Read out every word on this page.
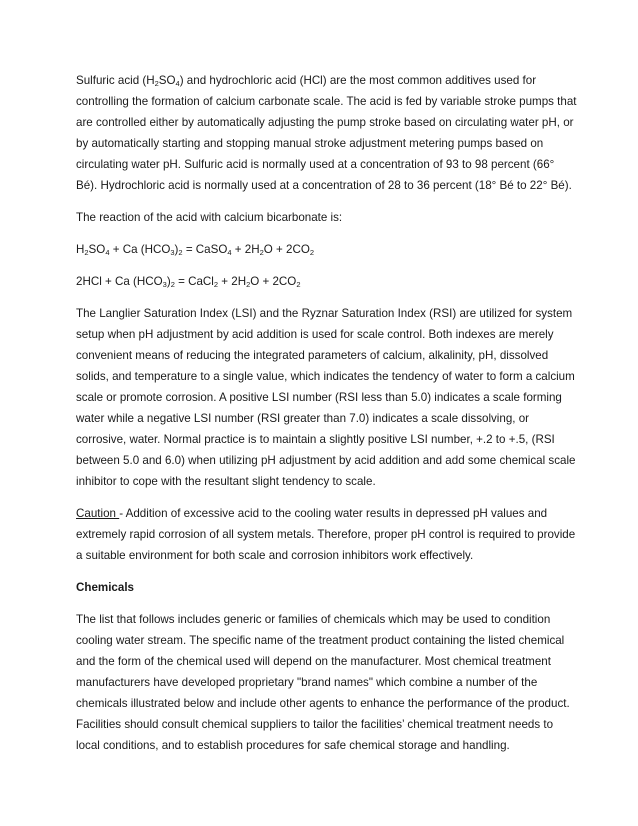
Sulfuric acid $(H_2SO_4)$ and hydrochloric acid (HCl) are the most common additives used for controlling the formation of calcium carbonate scale. The acid is fed by variable stroke pumps that are controlled either by automatically adjusting the pump stroke based on circulating water pH, or by automatically starting and stopping manual stroke adjustment metering pumps based on circulating water pH. Sulfuric acid is normally used at a concentration of 93 to 98 percent (66° Bé). Hydrochloric acid is normally used at a concentration of 28 to 36 percent (18° Bé to 22° Bé).

The reaction of the acid with calcium bicarbonate is:

$H_2SO_4 + Ca$ $(HCO_3)_2$ = CaSO$_4$ + $2H_2O + 2CO_2$

2HCl + Ca $(HCO_3)_2$ = CaCl$_2$ + $2H_2O + 2CO_2$

The Langlier Saturation Index (LSI) and the Ryznar Saturation Index (RSI) are utilized for system setup when pH adjustment by acid addition is used for scale control. Both indexes are merely convenient means of reducing the integrated parameters of calcium, alkalinity, pH, dissolved solids, and temperature to a single value, which indicates the tendency of water to form a calcium scale or promote corrosion. A positive LSI number (RSI less than 5.0) indicates a scale forming water while a negative LSI number (RSI greater than 7.0) indicates a scale dissolving, or corrosive, water. Normal practice is to maintain a slightly positive LSI number, +.2 to +.5, (RSI between 5.0 and 6.0) when utilizing pH adjustment by acid addition and add some chemical scale inhibitor to cope with the resultant slight tendency to scale.

Caution - Addition of excessive acid to the cooling water results in depressed pH values and extremely rapid corrosion of all system metals. Therefore, proper pH control is required to provide a suitable environment for both scale and corrosion inhibitors work effectively.

Chemicals

The list that follows includes generic or families of chemicals which may be used to condition cooling water stream. The specific name of the treatment product containing the listed chemical and the form of the chemical used will depend on the manufacturer. Most chemical treatment manufacturers have developed proprietary "brand names" which combine a number of the chemicals illustrated below and include other agents to enhance the performance of the product. Facilities should consult chemical suppliers to tailor the facilities’ chemical treatment needs to local conditions, and to establish procedures for safe chemical storage and handling.
